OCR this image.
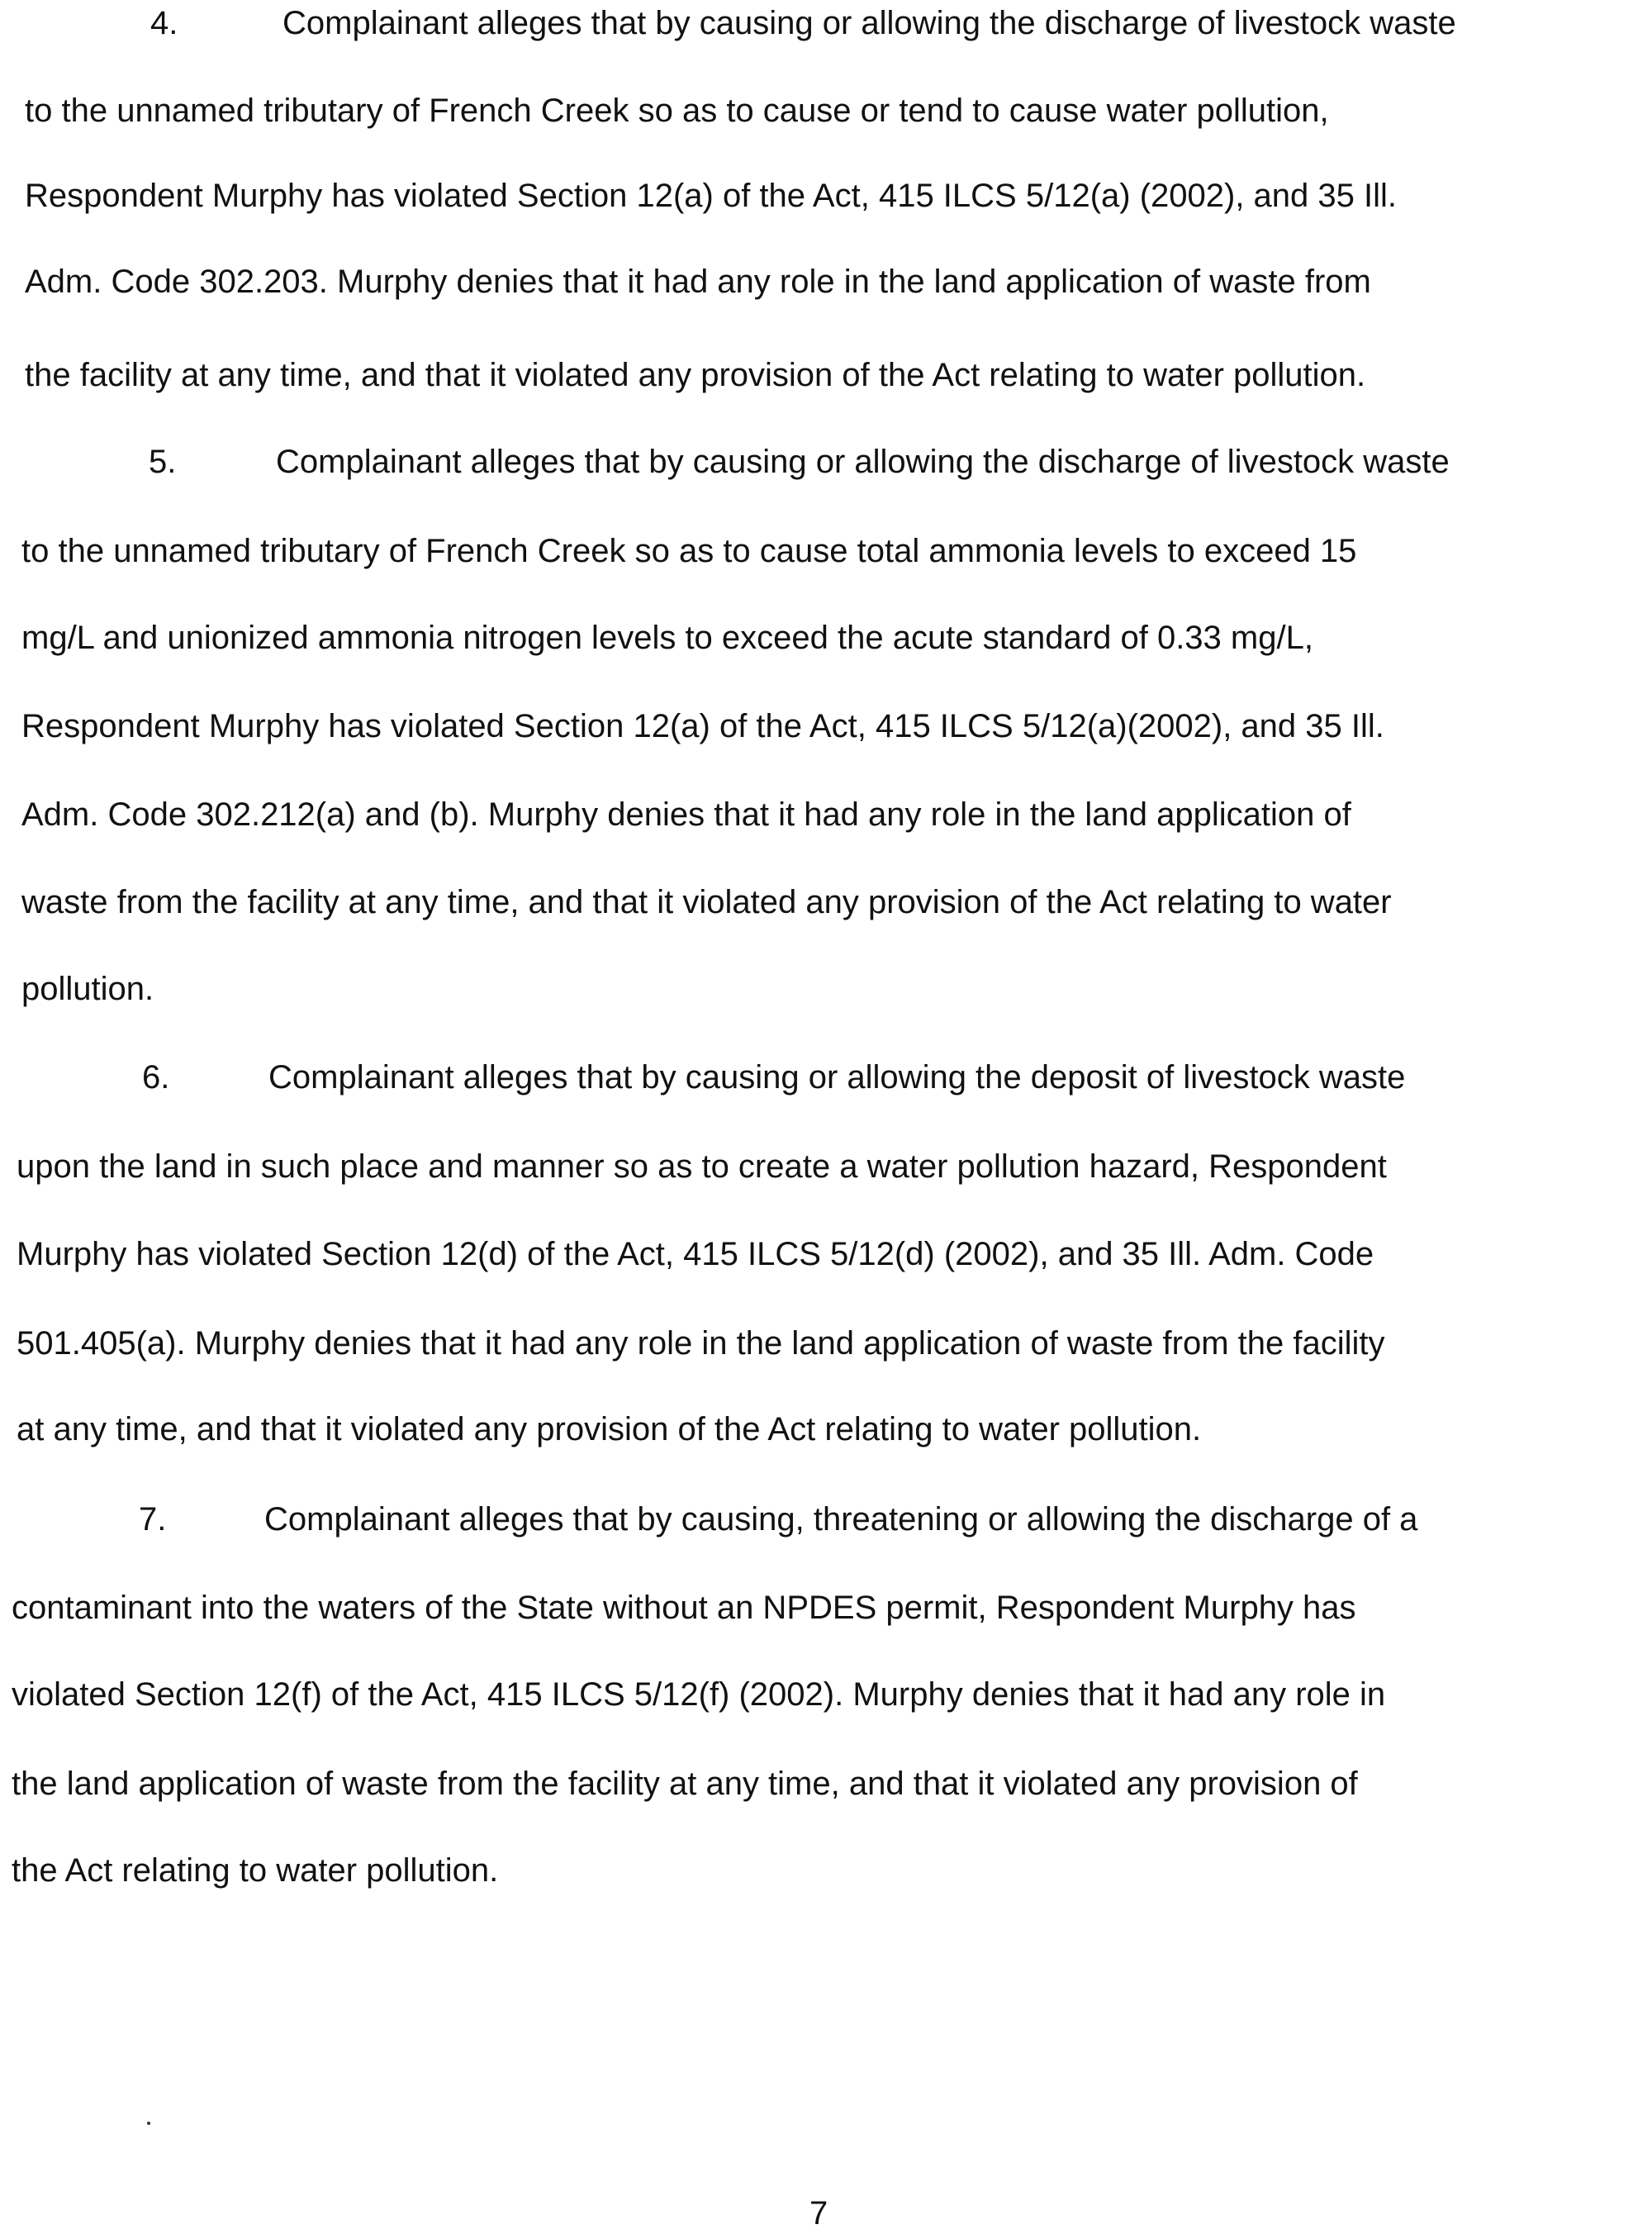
4.	Complainant alleges that by causing or allowing the discharge of livestock waste
to the unnamed tributary of French Creek so as to cause or tend to cause water pollution,
Respondent Murphy has violated Section 12(a) of the Act, 415 ILCS 5/12(a) (2002), and 35 Ill.
Adm. Code 302.203. Murphy denies that it had any role in the land application of waste from
the facility at any time, and that it violated any provision of the Act relating to water pollution.
5.	Complainant alleges that by causing or allowing the discharge of livestock waste
to the unnamed tributary of French Creek so as to cause total ammonia levels to exceed 15
mg/L and unionized ammonia nitrogen levels to exceed the acute standard of 0.33 mg/L,
Respondent Murphy has violated Section 12(a) of the Act, 415 ILCS 5/12(a)(2002), and 35 Ill.
Adm. Code 302.212(a) and (b). Murphy denies that it had any role in the land application of
waste from the facility at any time, and that it violated any provision of the Act relating to water
pollution.
6.	Complainant alleges that by causing or allowing the deposit of livestock waste
upon the land in such place and manner so as to create a water pollution hazard, Respondent
Murphy has violated Section 12(d) of the Act, 415 ILCS 5/12(d) (2002), and 35 Ill. Adm. Code
501.405(a). Murphy denies that it had any role in the land application of waste from the facility
at any time, and that it violated any provision of the Act relating to water pollution.
7.	Complainant alleges that by causing, threatening or allowing the discharge of a
contaminant into the waters of the State without an NPDES permit, Respondent Murphy has
violated Section 12(f) of the Act, 415 ILCS 5/12(f) (2002). Murphy denies that it had any role in
the land application of waste from the facility at any time, and that it violated any provision of
the Act relating to water pollution.
7
